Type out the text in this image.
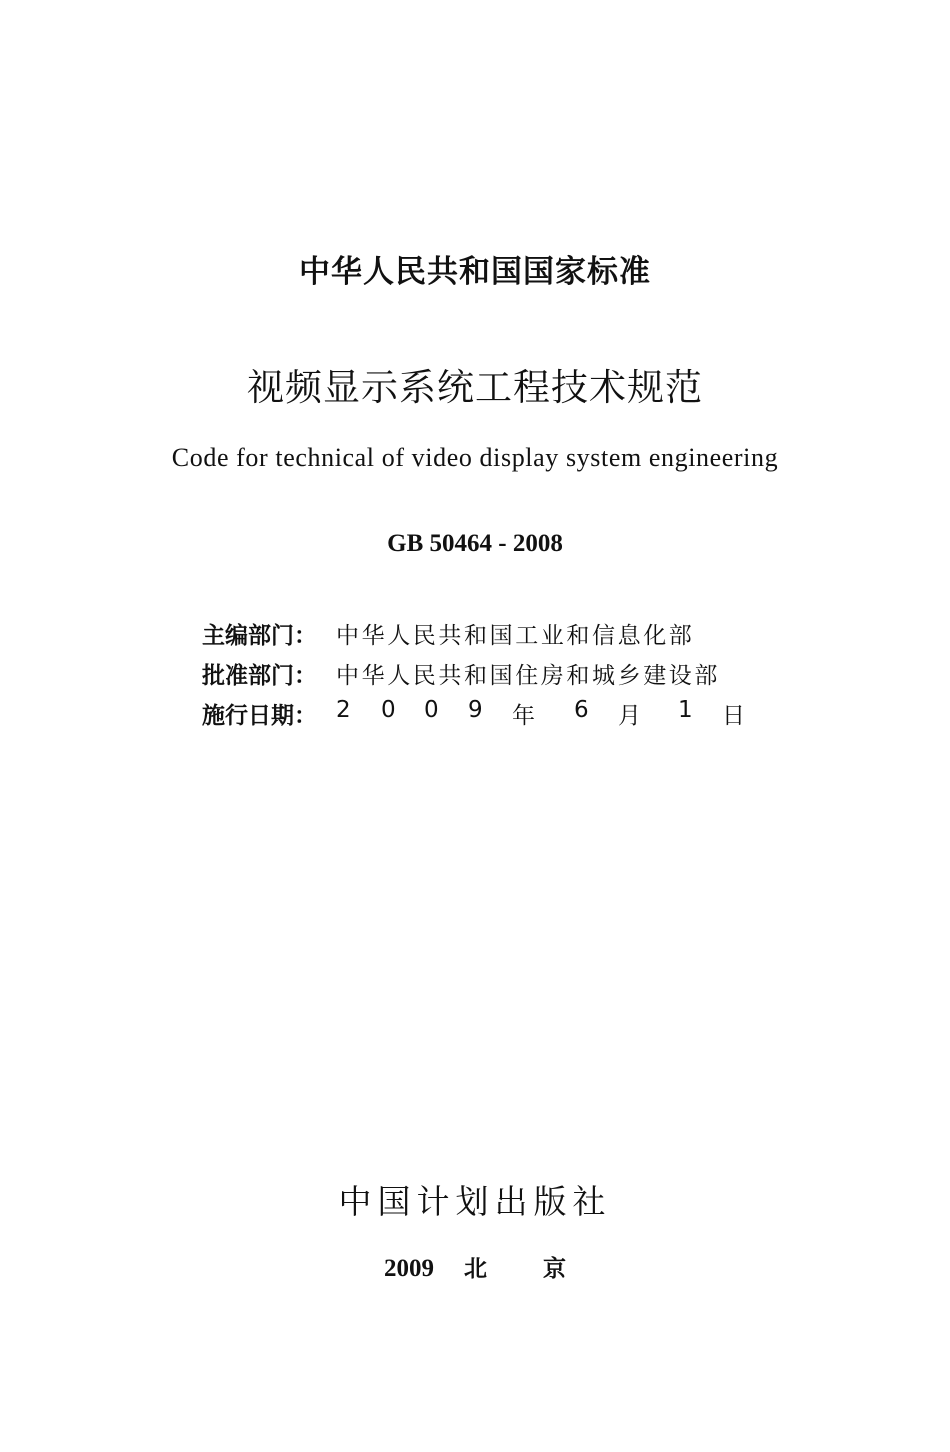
中华人民共和国国家标准
视频显示系统工程技术规范
Code for technical of video display system engineering
GB 50464 - 2008
主编部门： 中华人民共和国工业和信息化部
批准部门： 中华人民共和国住房和城乡建设部
施行日期： 2 0 0 9 年 6 月 1 日
中国计划出版社
2009 北京
